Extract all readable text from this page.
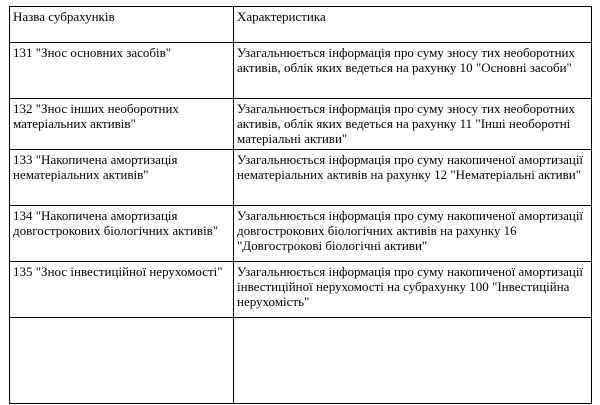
Назва субрахунків	Характеристика
131 "Знос основних засобів"	Узагальнюється інформація про суму зносу тих необоротних активів, облік яких ведеться на рахунку 10 "Основні засоби"
132 "Знос інших необоротних матеріальних активів"	Узагальнюється інформація про суму зносу тих необоротних активів, облік яких ведеться на рахунку 11 "Інші необоротні матеріальні активи"
133 "Накопичена амортизація нематеріальних активів"	Узагальнюється інформація про суму накопиченої амортизації нематеріальних активів на рахунку 12 "Нематеріальні активи"
134 "Накопичена амортизація довгострокових біологічних активів"	Узагальнюється інформація про суму накопиченої амортизації довгострокових біологічних активів на рахунку 16 "Довгострокові біологічні активи"
135 "Знос інвестиційної нерухомості"	Узагальнюється інформація про суму накопиченої амортизації інвестиційної нерухомості на субрахунку 100 "Інвестиційна нерухомість"
